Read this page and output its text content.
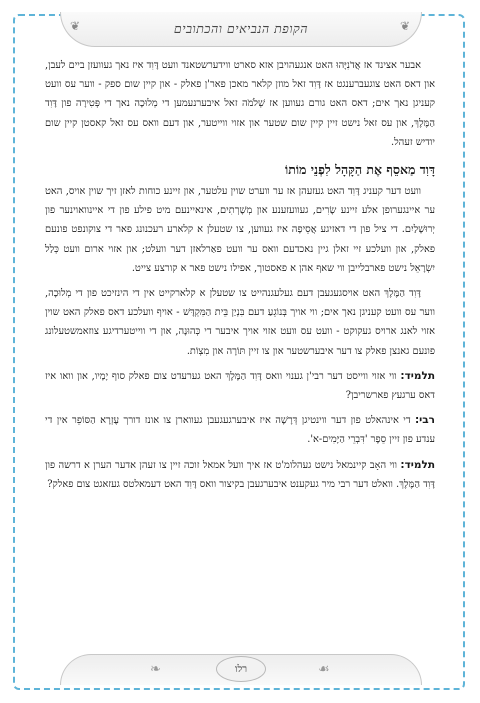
הקופת הנביאים והכתובים
❦	❦

אבער אצינד אז אֲדֹנִיָּהוּ האט אנגעהויבן אזא סארט ווידערשטאנד וועט דָּוִד איז נאך געוועזן ביים לעבן, און דאס האט צוגעברענגט אז דָּוִד זאל מוזן קלאר מאכן פאר'ן פאלק - און קיין שום ספק - ווער עס וועט קעניגן נאך אים; דאס האט גורם געווען אז שְׁלֹמֹה זאל איבערנעמען די מְלוּכָה נאך די פְּטִירָה פון דָּוִד הַמֶּלֶךְ, און עס זאל נישט זיין קיין שום שטער און אזוי ווייטער, און דעם וואס עס זאל קאסטן קיין שום יודיש זעהל.

דָּוִד מַאסֵף אֶת הַקָּהָל לִפְנֵי מוֹתוֹ

וועט דער קעניג דָּוִד האט געזעהן אז ער ווערט שוין עלטער, און זיינע כוחות לאזן זיך שוין אויס, האט ער איינגערופן אלע זיינע שָׂרִים, געוועזענע און מְשָׁרְתִים, אינאיינעם מיט פילע פון די איינוואוינער פון יְרוּשָׁלַיִם. די ציל פון די דאזיגע אֲסֵיפָה איז געווען, צו שטעלן א קלארע רעכנונג פאר די צוקונפט פונעם פאלק, און וועלכע זיי זאלן גיין נאכדעם וואס ער וועט פאַרלאזן דער וועלט; און אזוי ארום וועט כְּלַל יִשְׂרָאֵל נישט פארבלייבן ווי שאף אהן א פאסטוך, אפילו נישט פאר א קורצע צייט.

דָּוִד הַמֶּלֶךְ האט אויסגעגעבן דעם געלעגנהייט צו שטעלן א קלארקייט אין די הינזיכט פון די מְלוּכָה, ווער עס וועט קעניגן נאך אים; ווי אויך בְּנוֹגֵעַ דעם בִּנְיַן בֵּית הַמִּקְדָּשׁ - אויף וועלכע דאס פאלק האט שוין אזוי לאנג ארויס געקוקט - וועט עס וועט אזוי אויך איבער די כְּהוּנָה, און די ווייטערדיגע צוזאמשטעלונג פונעם גאנצן פאלק צו דער איבערשטער און צו זיין תּוֹרָה און מִצְוֹת.

תלמיד: ווי אזוי ווייסט דער רבי'ן גענוי וואס דָּוִד הַמֶּלֶךְ האט גערעדט צום פאלק סוף יָמָיו, און וואו איז דאס ערגעץ פארשריבן?

רבי: די אינהאלט פון דער ווינטיגן דְּרָשָׁה איז איבערגעגעבן געווארן צו אונז דורך עֶזְרָא הַסּוֹפֵר אין די ענדע פון זיין סֵפֶר 'דִּבְרֵי הַיָּמִים-א'.

תלמיד: ווי האָב קיינמאל נישט געהלומ'ט אז איך וועל אמאל זוכה זיין צו זעהן אדער הערן א דרשה פון דָּוִד הַמֶּלֶךְ. וואלט דער רבי מיר געקענט איבערגעבן בקיצור וואס דָּוִד האט דעמאלטס געזאגט צום פאלק?

❧	☙
רלו
